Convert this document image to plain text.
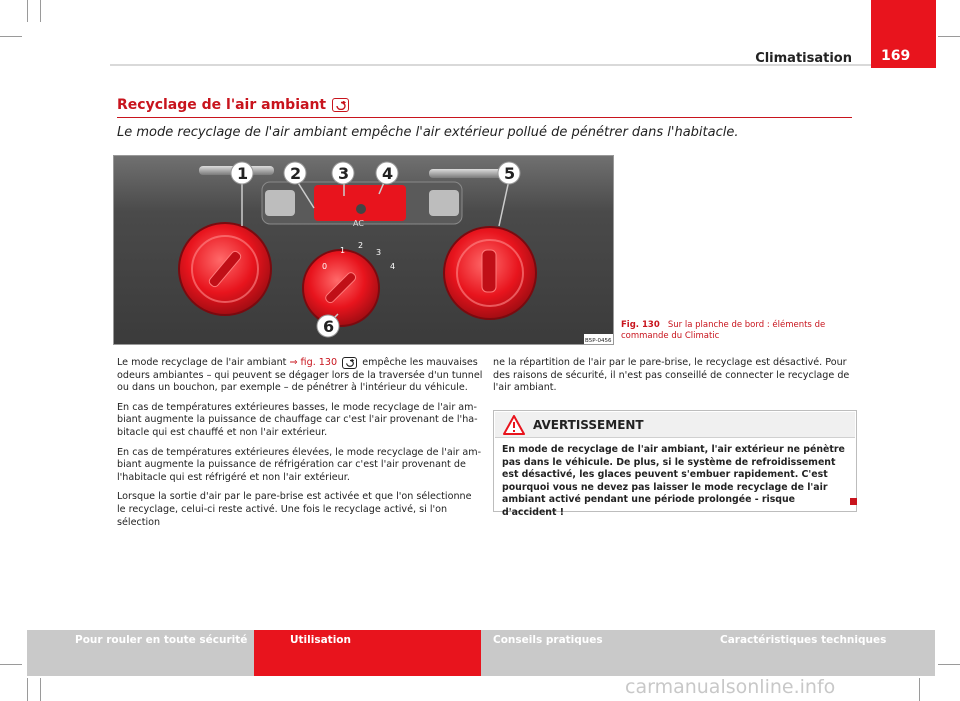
Climatisation	169
Recyclage de l'air ambiant
Le mode recyclage de l'air ambiant empêche l'air extérieur pollué de pénétrer dans l'habitacle.
AC
0
1
2
3
4
1	2 3 4	5
6
B5P-0456
Fig. 130 Sur la planche de bord : éléments de commande du Climatic

Le mode recyclage de l'air ambiant ⇒ fig. 130
empêche les mauvaises odeurs ambiantes – qui peuvent se dégager lors de la traversée d'un tunnel ou dans un bouchon, par exemple – de pénétrer à l'intérieur du véhicule.

En cas de températures extérieures basses, le mode recyclage de l'air ambiant augmente la puissance de chauffage car c'est l'air provenant de l'habitacle qui est chauffé et non l'air extérieur.

En cas de températures extérieures élevées, le mode recyclage de l'air ambiant augmente la puissance de réfrigération car c'est l'air provenant de l'habitacle qui est réfrigéré et non l'air extérieur.

Lorsque la sortie d'air par le pare-brise est activée et que l'on sélectionne le recyclage, celui-ci reste activé. Une fois le recyclage activé, si l'on sélection

ne la répartition de l'air par le pare-brise, le recyclage est désactivé. Pour des raisons de sécurité, il n'est pas conseillé de connecter le recyclage de l'air ambiant.

AVERTISSEMENT
En mode de recyclage de l'air ambiant, l'air extérieur ne pénètre pas dans le véhicule. De plus, si le système de refroidissement est désactivé, les glaces peuvent s'embuer rapidement. C'est pourquoi vous ne devez pas laisser le mode recyclage de l'air ambiant activé pendant une période prolongée - risque d'accident !
Pour rouler en toute sécurité	Utilisation	Conseils pratiques	Caractéristiques techniques
carmanualsonline.info
